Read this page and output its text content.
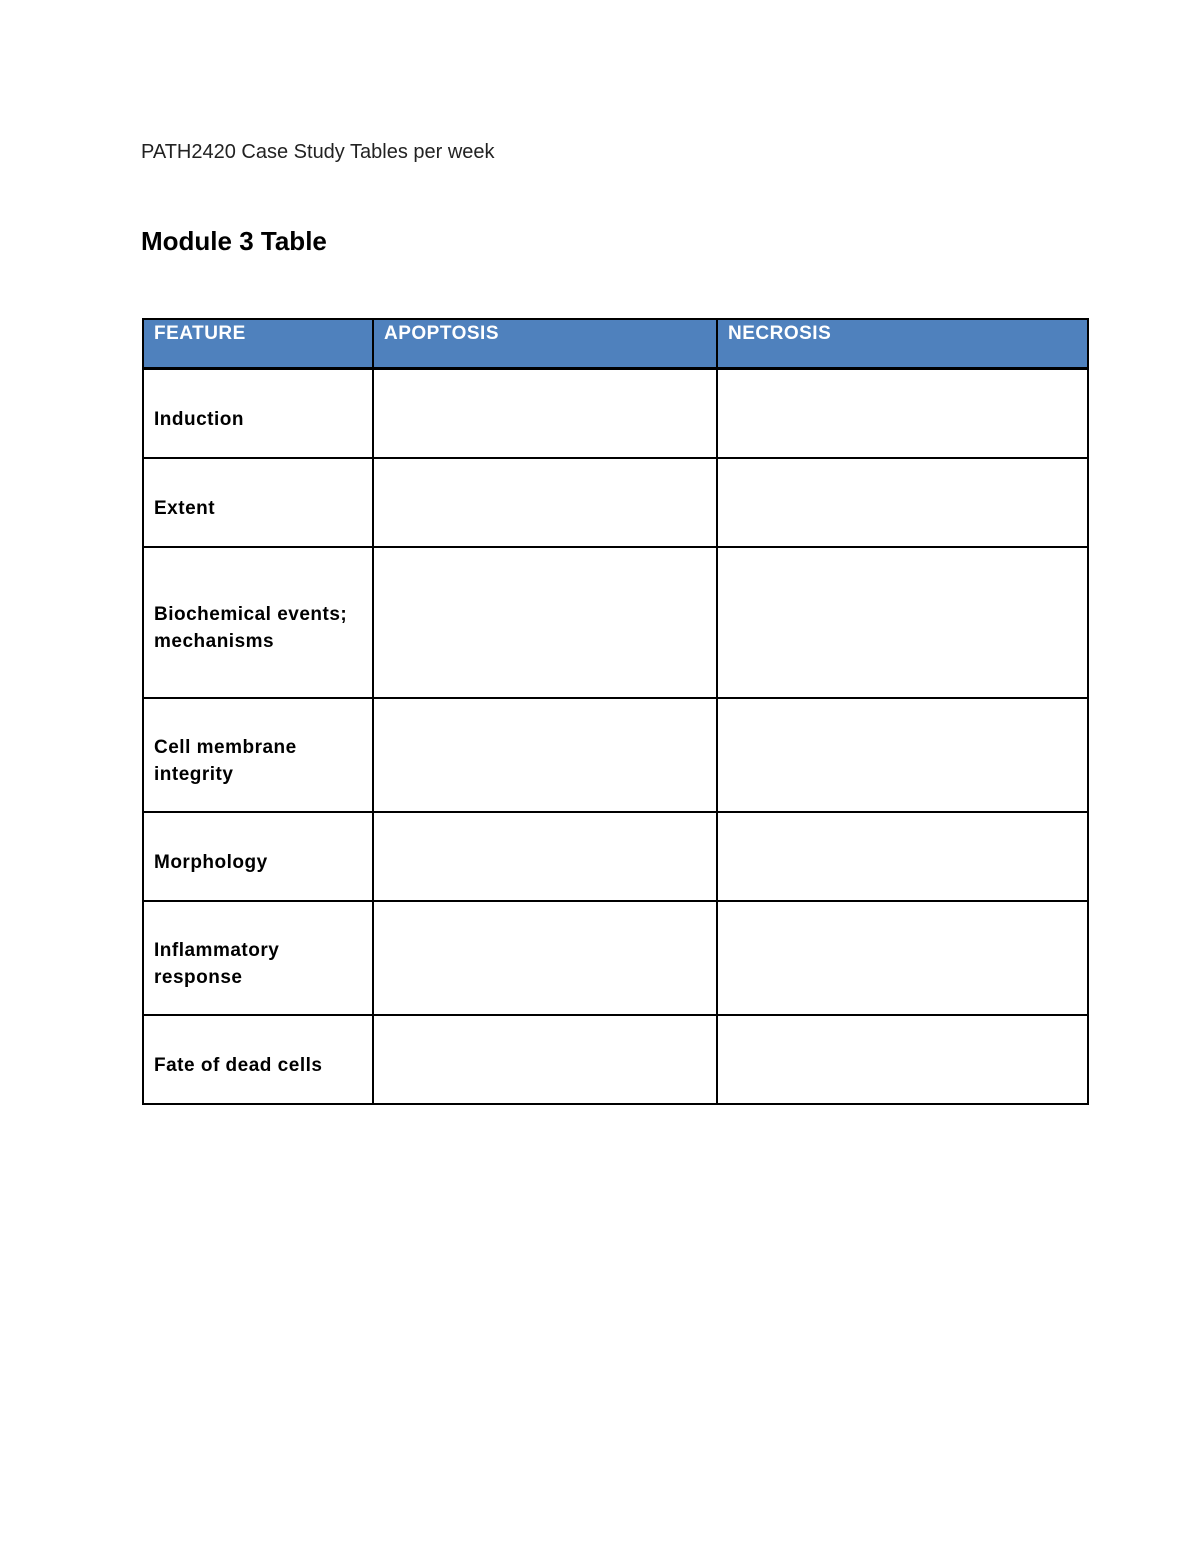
PATH2420 Case Study Tables per week
Module 3 Table
FEATURE	APOPTOSIS	NECROSIS
Induction		
Extent		
Biochemical events; mechanisms		
Cell membrane integrity		
Morphology		
Inflammatory response		
Fate of dead cells		
